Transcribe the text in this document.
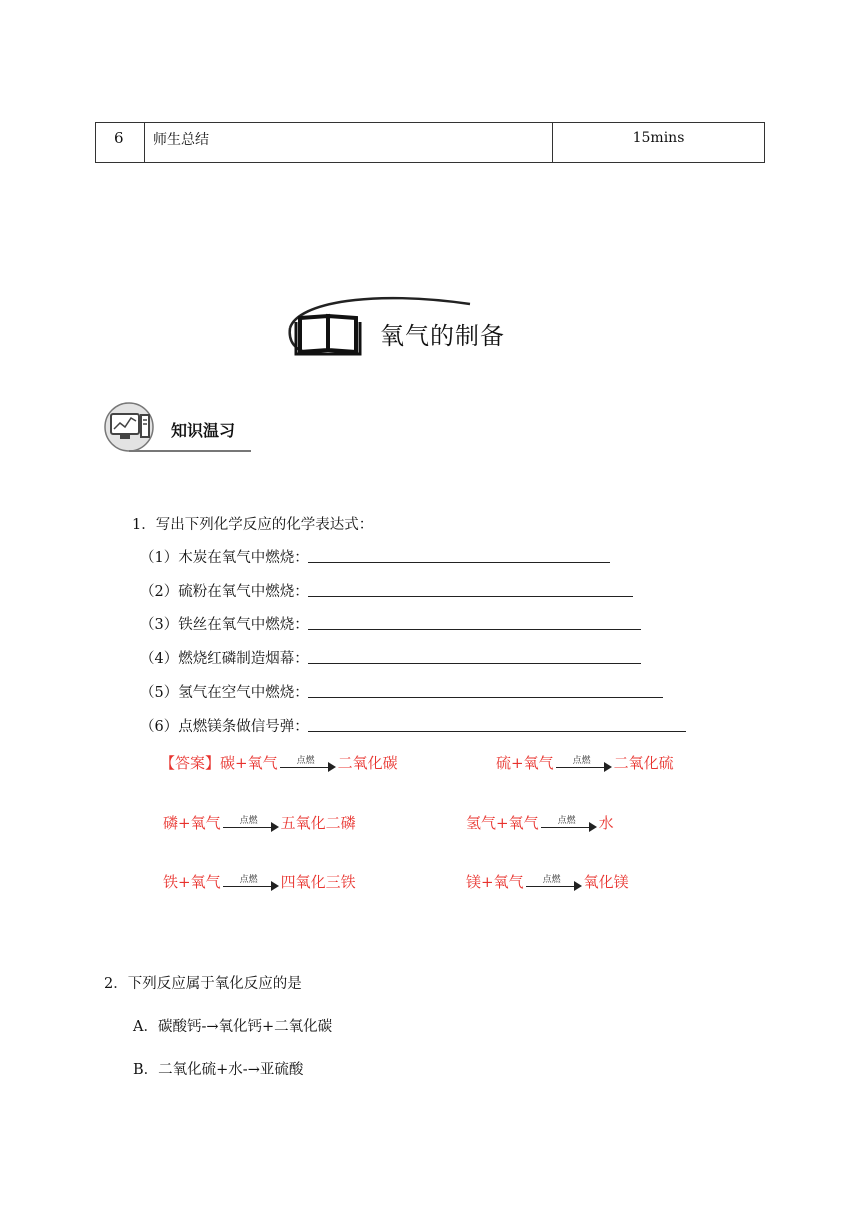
6 师生总结	15mins
氧气的制备
知识温习
1．写出下列化学反应的化学表达式：
（1）木炭在氧气中燃烧：
（2）硫粉在氧气中燃烧：
（3）铁丝在氧气中燃烧：
（4）燃烧红磷制造烟幕：
（5）氢气在空气中燃烧：
（6）点燃镁条做信号弹：
【答案】 碳+氧气	点燃	二氧化碳	硫+氧气	点燃	二氧化硫
磷+氧气	点燃	五氧化二磷	氢气+氧气	点燃	水
铁+氧气	点燃	四氧化三铁	镁+氧气	点燃	氧化镁
2．下列反应属于氧化反应的是
A．碳酸钙-→氧化钙+二氧化碳
B．二氧化硫+水-→亚硫酸
